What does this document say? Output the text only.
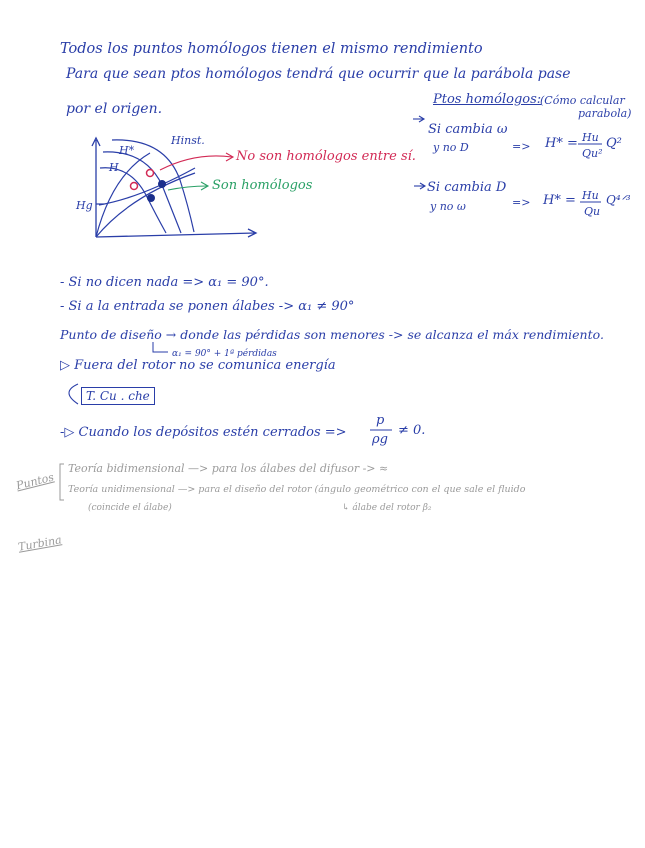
Todos los puntos homólogos tienen el mismo rendimiento
Para que sean ptos homólogos tendrá que ocurrir que la parábola pase
por el origen.
H*
H
Hinst.
Hg
No son homólogos entre sí.
Son homólogos
Ptos homólogos:
(Cómo calcular
parabola)
Si cambia ω
y no D	=> H* = Hu
Qu²
Q²
Si cambia D
y no ω	=> H* = Hu
Qu
Q⁴ᐟ³
- Si no dicen nada => α₁ = 90°.
- Si a la entrada se ponen álabes -> α₁ ≠ 90°
Punto de diseño → donde las pérdidas son menores -> se alcanza el máx rendimiento.
α₁ = 90° + 1ª pérdidas
▷ Fuera del rotor no se comunica energía
T. Cu . che
-▷ Cuando los depósitos estén cerrados =>
p
ρg
≠ 0.
Puntos
Teoría bidimensional —> para los álabes del difusor -> ≈
Teoría unidimensional —> para el diseño del rotor (ángulo geométrico con el que sale el fluido
(coincide el álabe)	↳ álabe del rotor β₂
Turbina
